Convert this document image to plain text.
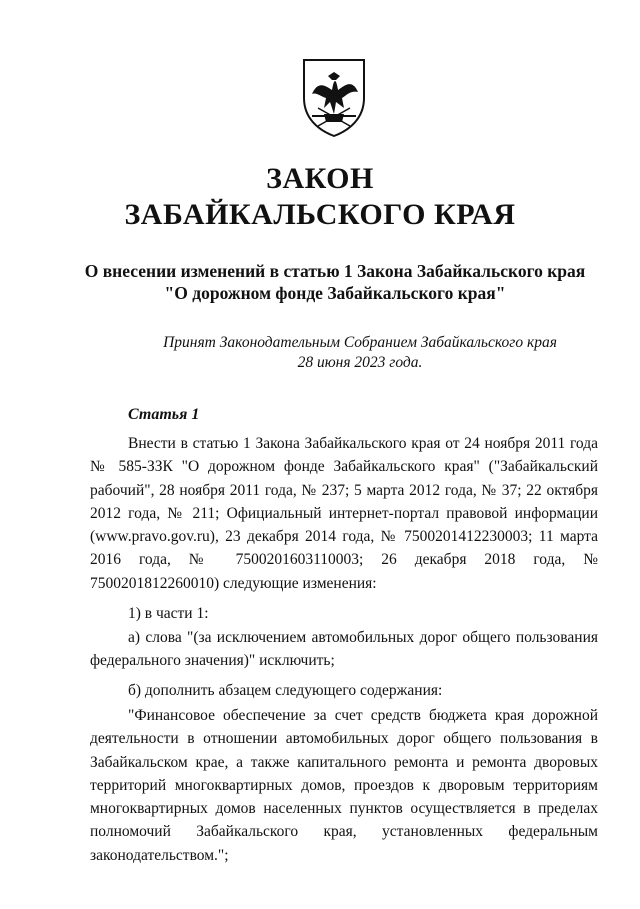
ЗАКОН
ЗАБАЙКАЛЬСКОГО КРАЯ
О внесении изменений в статью 1 Закона Забайкальского края
"О дорожном фонде Забайкальского края"
Принят Законодательным Собранием Забайкальского края
28 июня 2023 года.
Статья 1
Внести в статью 1 Закона Забайкальского края от 24 ноября 2011 года № 585-ЗЗК "О дорожном фонде Забайкальского края" ("Забайкальский рабочий", 28 ноября 2011 года, № 237; 5 марта 2012 года, № 37; 22 октября 2012 года, № 211; Официальный интернет-портал правовой информации (www.pravo.gov.ru), 23 декабря 2014 года, № 7500201412230003; 11 марта 2016 года, № 7500201603110003; 26 декабря 2018 года, № 7500201812260010) следующие изменения:
1) в части 1:
а) слова "(за исключением автомобильных дорог общего пользования федерального значения)" исключить;
б) дополнить абзацем следующего содержания:
"Финансовое обеспечение за счет средств бюджета края дорожной деятельности в отношении автомобильных дорог общего пользования в Забайкальском крае, а также капитального ремонта и ремонта дворовых территорий многоквартирных домов, проездов к дворовым территориям многоквартирных домов населенных пунктов осуществляется в пределах полномочий Забайкальского края, установленных федеральным законодательством.";
